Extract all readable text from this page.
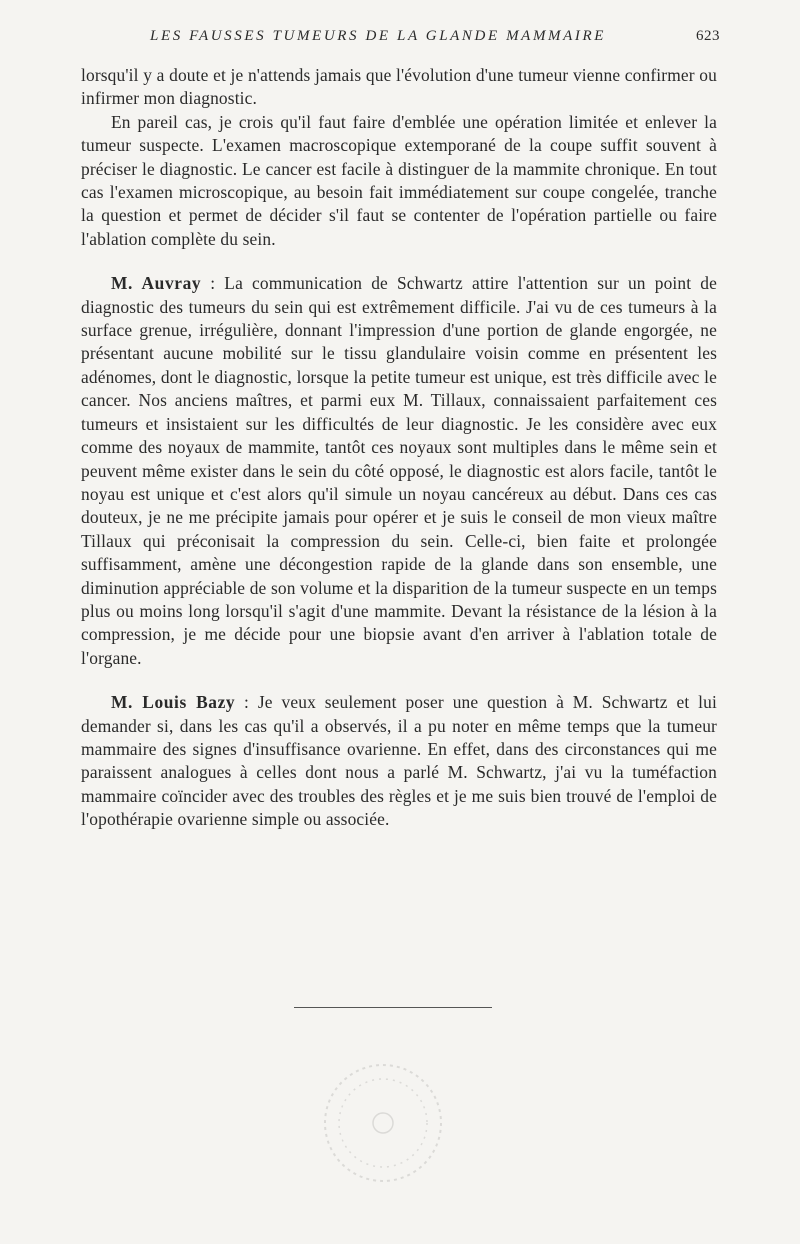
LES FAUSSES TUMEURS DE LA GLANDE MAMMAIRE	623

lorsqu'il y a doute et je n'attends jamais que l'évolution d'une tumeur vienne confirmer ou infirmer mon diagnostic.

En pareil cas, je crois qu'il faut faire d'emblée une opération limitée et enlever la tumeur suspecte. L'examen macroscopique extemporané de la coupe suffit souvent à préciser le diagnostic. Le cancer est facile à distinguer de la mammite chronique. En tout cas l'examen microscopique, au besoin fait immédiatement sur coupe congelée, tranche la question et permet de décider s'il faut se contenter de l'opération partielle ou faire l'ablation complète du sein.

M. Auvray : La communication de Schwartz attire l'attention sur un point de diagnostic des tumeurs du sein qui est extrêmement difficile. J'ai vu de ces tumeurs à la surface grenue, irrégulière, donnant l'impression d'une portion de glande engorgée, ne présentant aucune mobilité sur le tissu glandulaire voisin comme en présentent les adénomes, dont le diagnostic, lorsque la petite tumeur est unique, est très difficile avec le cancer. Nos anciens maîtres, et parmi eux M. Tillaux, connaissaient parfaitement ces tumeurs et insistaient sur les difficultés de leur diagnostic. Je les considère avec eux comme des noyaux de mammite, tantôt ces noyaux sont multiples dans le même sein et peuvent même exister dans le sein du côté opposé, le diagnostic est alors facile, tantôt le noyau est unique et c'est alors qu'il simule un noyau cancéreux au début. Dans ces cas douteux, je ne me précipite jamais pour opérer et je suis le conseil de mon vieux maître Tillaux qui préconisait la compression du sein. Celle-ci, bien faite et prolongée suffisamment, amène une décongestion rapide de la glande dans son ensemble, une diminution appréciable de son volume et la disparition de la tumeur suspecte en un temps plus ou moins long lorsqu'il s'agit d'une mammite. Devant la résistance de la lésion à la compression, je me décide pour une biopsie avant d'en arriver à l'ablation totale de l'organe.

M. Louis Bazy : Je veux seulement poser une question à M. Schwartz et lui demander si, dans les cas qu'il a observés, il a pu noter en même temps que la tumeur mammaire des signes d'insuffisance ovarienne. En effet, dans des circonstances qui me paraissent analogues à celles dont nous a parlé M. Schwartz, j'ai vu la tuméfaction mammaire coïncider avec des troubles des règles et je me suis bien trouvé de l'emploi de l'opothérapie ovarienne simple ou associée.
